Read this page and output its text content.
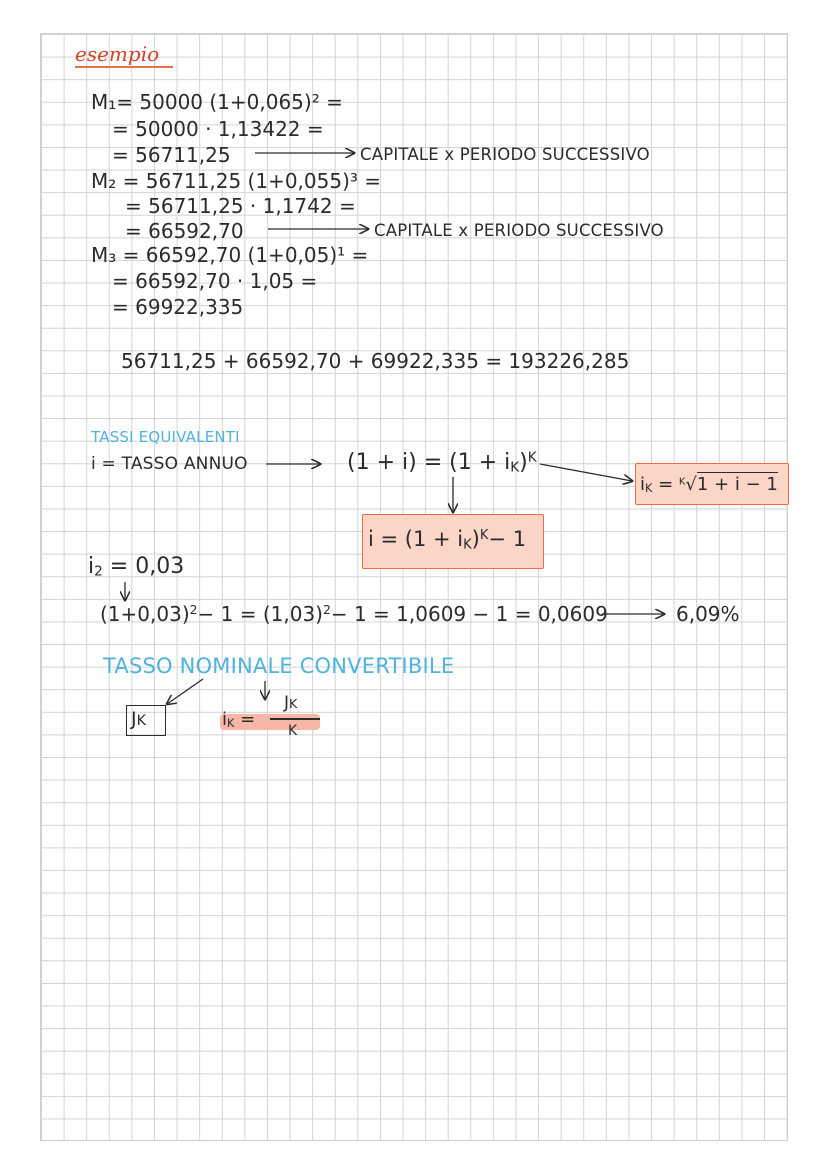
esempio
M₁= 50000 (1+0,065)² =
= 50000 · 1,13422 =
= 56711,25	CAPITALE x PERIODO SUCCESSIVO
M₂ = 56711,25 (1+0,055)³ =
= 56711,25 · 1,1742 =
= 66592,70	CAPITALE x PERIODO SUCCESSIVO
M₃ = 66592,70 (1+0,05)¹ =
= 66592,70 · 1,05 =
= 69922,335
56711,25 + 66592,70 + 69922,335 = 193226,285
TASSI EQUIVALENTI
i = TASSO ANNUO	$(1 + i) = (1 + i_K)^K$
$i_K = ^K√1 + i - 1$
$i = (1 + i_K)^K- 1$
$i_2 = 0,03$
$(1+0,03)^2- 1 = (1,03)^2- 1 = 1,0609 - 1 = 0,0609$	6,09%
TASSO NOMINALE CONVERTIBILE
JK	$i_K$ =
JK
K
